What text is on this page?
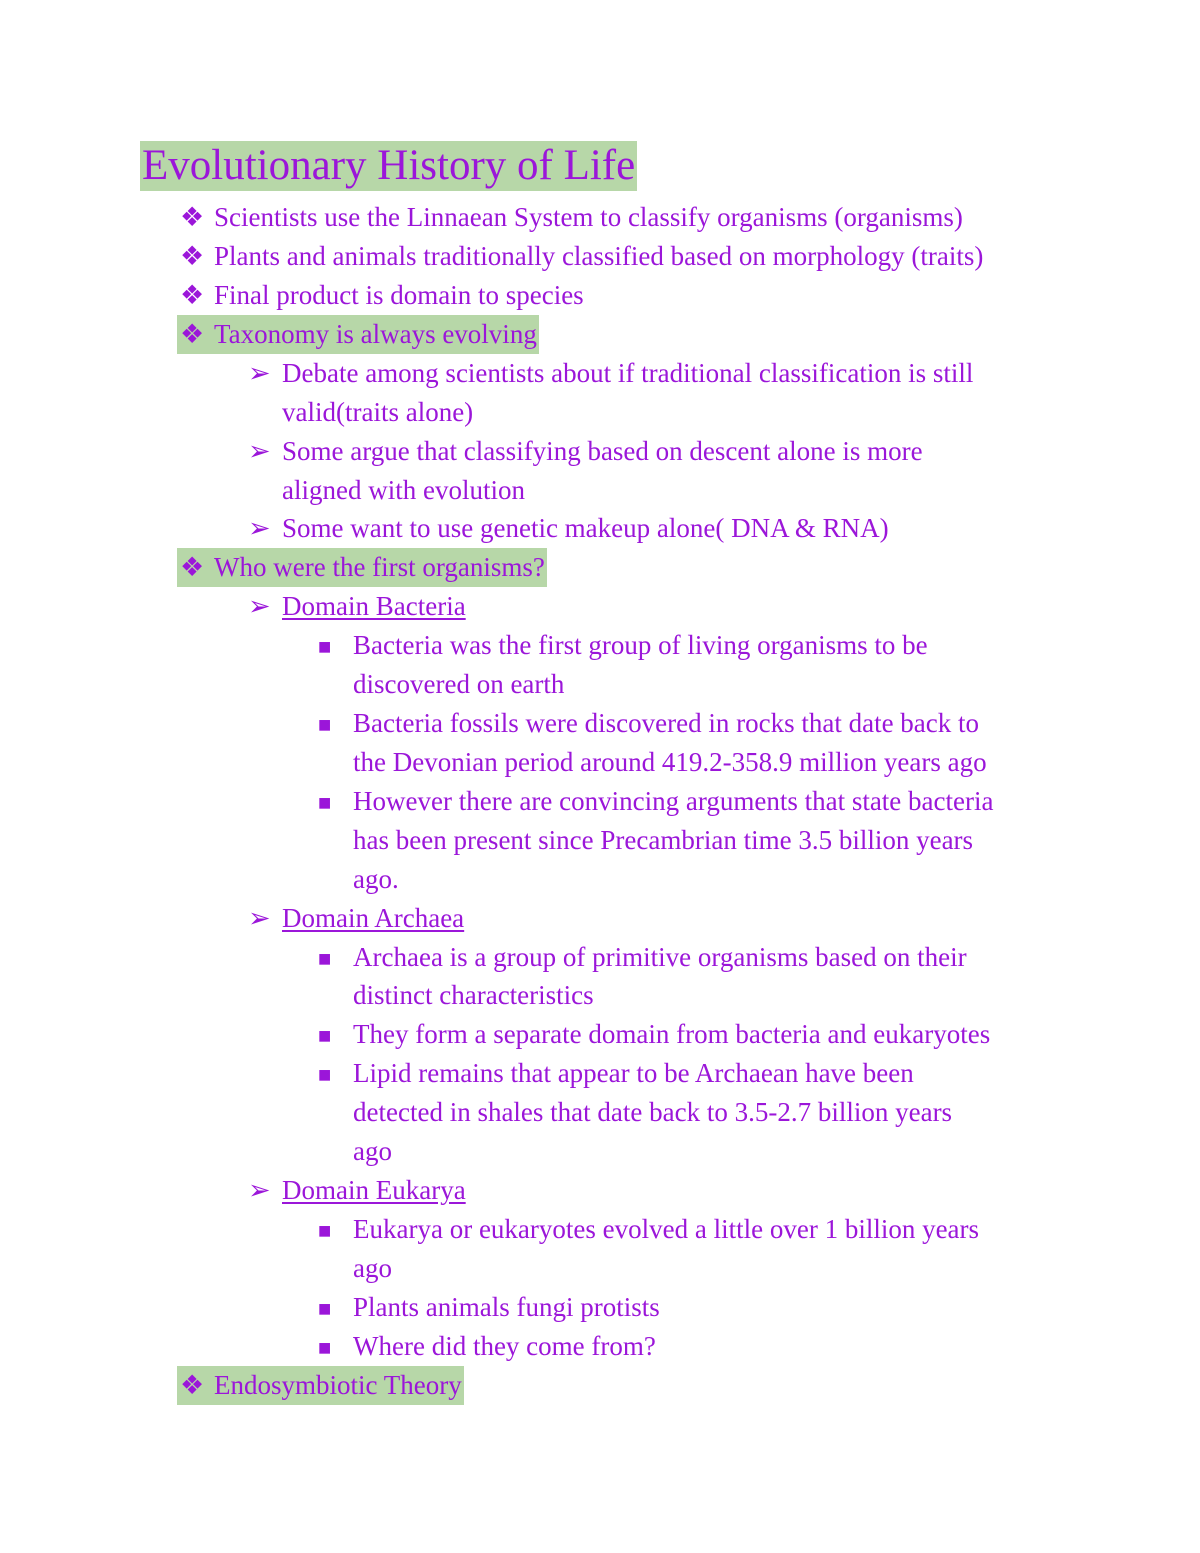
Evolutionary History of Life
❖ Scientists use the Linnaean System to classify organisms (organisms)
❖ Plants and animals traditionally classified based on morphology (traits)
❖ Final product is domain to species
❖ Taxonomy is always evolving
➢ Debate among scientists about if traditional classification is still
valid(traits alone)
➢ Some argue that classifying based on descent alone is more
aligned with evolution
➢ Some want to use genetic makeup alone( DNA & RNA)
❖ Who were the first organisms?
➢ Domain Bacteria
■ Bacteria was the first group of living organisms to be
discovered on earth
■ Bacteria fossils were discovered in rocks that date back to
the Devonian period around 419.2-358.9 million years ago
■ However there are convincing arguments that state bacteria
has been present since Precambrian time 3.5 billion years
ago.
➢ Domain Archaea
■ Archaea is a group of primitive organisms based on their
distinct characteristics
■ They form a separate domain from bacteria and eukaryotes
■ Lipid remains that appear to be Archaean have been
detected in shales that date back to 3.5-2.7 billion years
ago
➢ Domain Eukarya
■ Eukarya or eukaryotes evolved a little over 1 billion years
ago
■ Plants animals fungi protists
■ Where did they come from?
❖ Endosymbiotic Theory
